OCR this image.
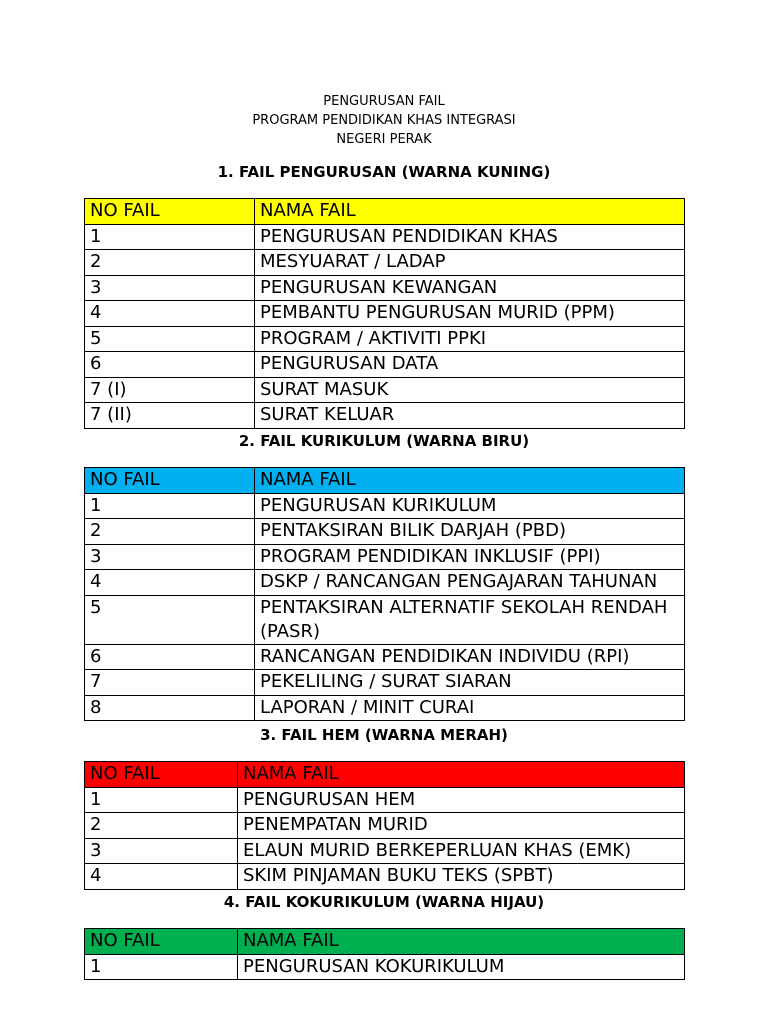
PENGURUSAN FAIL
PROGRAM PENDIDIKAN KHAS INTEGRASI
NEGERI PERAK
1. FAIL PENGURUSAN (WARNA KUNING)
NO FAIL	NAMA FAIL
1	PENGURUSAN PENDIDIKAN KHAS
2	MESYUARAT / LADAP
3	PENGURUSAN KEWANGAN
4	PEMBANTU PENGURUSAN MURID (PPM)
5	PROGRAM / AKTIVITI PPKI
6	PENGURUSAN DATA
7 (I)	SURAT MASUK
7 (II)	SURAT KELUAR
2. FAIL KURIKULUM (WARNA BIRU)
NO FAIL	NAMA FAIL
1	PENGURUSAN KURIKULUM
2	PENTAKSIRAN BILIK DARJAH (PBD)
3	PROGRAM PENDIDIKAN INKLUSIF (PPI)
4	DSKP / RANCANGAN PENGAJARAN TAHUNAN
5	PENTAKSIRAN ALTERNATIF SEKOLAH RENDAH (PASR)
6	RANCANGAN PENDIDIKAN INDIVIDU (RPI)
7	PEKELILING / SURAT SIARAN
8	LAPORAN / MINIT CURAI
3. FAIL HEM (WARNA MERAH)
NO FAIL	NAMA FAIL
1	PENGURUSAN HEM
2	PENEMPATAN MURID
3	ELAUN MURID BERKEPERLUAN KHAS (EMK)
4	SKIM PINJAMAN BUKU TEKS (SPBT)
4. FAIL KOKURIKULUM (WARNA HIJAU)
NO FAIL	NAMA FAIL
1	PENGURUSAN KOKURIKULUM
